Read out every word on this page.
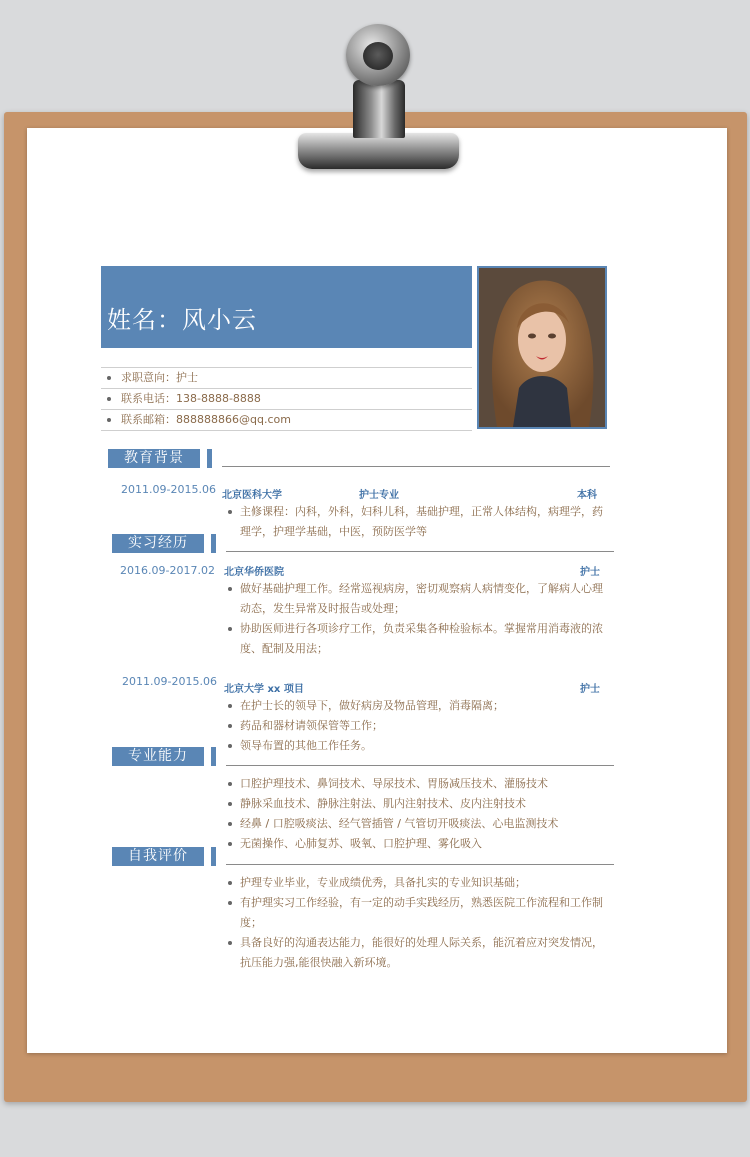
姓名：风小云
求职意向：护士
联系电话：138-8888-8888
联系邮箱：888888866@qq.com
教育背景
2011.09-2015.06 北京医科大学	护士专业	本科
主修课程：内科，外科，妇科儿科，基础护理，正常人体结构，病理学，药理学，护理学基础，中医，预防医学等
实习经历
2016.09-2017.02 北京华侨医院	护士
做好基础护理工作。经常巡视病房，密切观察病人病情变化，了解病人心理动态，发生异常及时报告或处理；
协助医师进行各项诊疗工作，负责采集各种检验标本。掌握常用消毒液的浓度、配制及用法；
2011.09-2015.06
北京大学 xx 项目	护士
在护士长的领导下，做好病房及物品管理，消毒隔离；
药品和器材请领保管等工作；
领导布置的其他工作任务。
专业能力
口腔护理技术、鼻饲技术、导尿技术、胃肠减压技术、灌肠技术
静脉采血技术、静脉注射法、肌内注射技术、皮内注射技术
经鼻 / 口腔吸痰法、经气管插管 / 气管切开吸痰法、心电监测技术
无菌操作、心肺复苏、吸氧、口腔护理、雾化吸入
自我评价
护理专业毕业，专业成绩优秀，具备扎实的专业知识基础；
有护理实习工作经验，有一定的动手实践经历，熟悉医院工作流程和工作制度；
具备良好的沟通表达能力，能很好的处理人际关系，能沉着应对突发情况，抗压能力强,能很快融入新环境。
